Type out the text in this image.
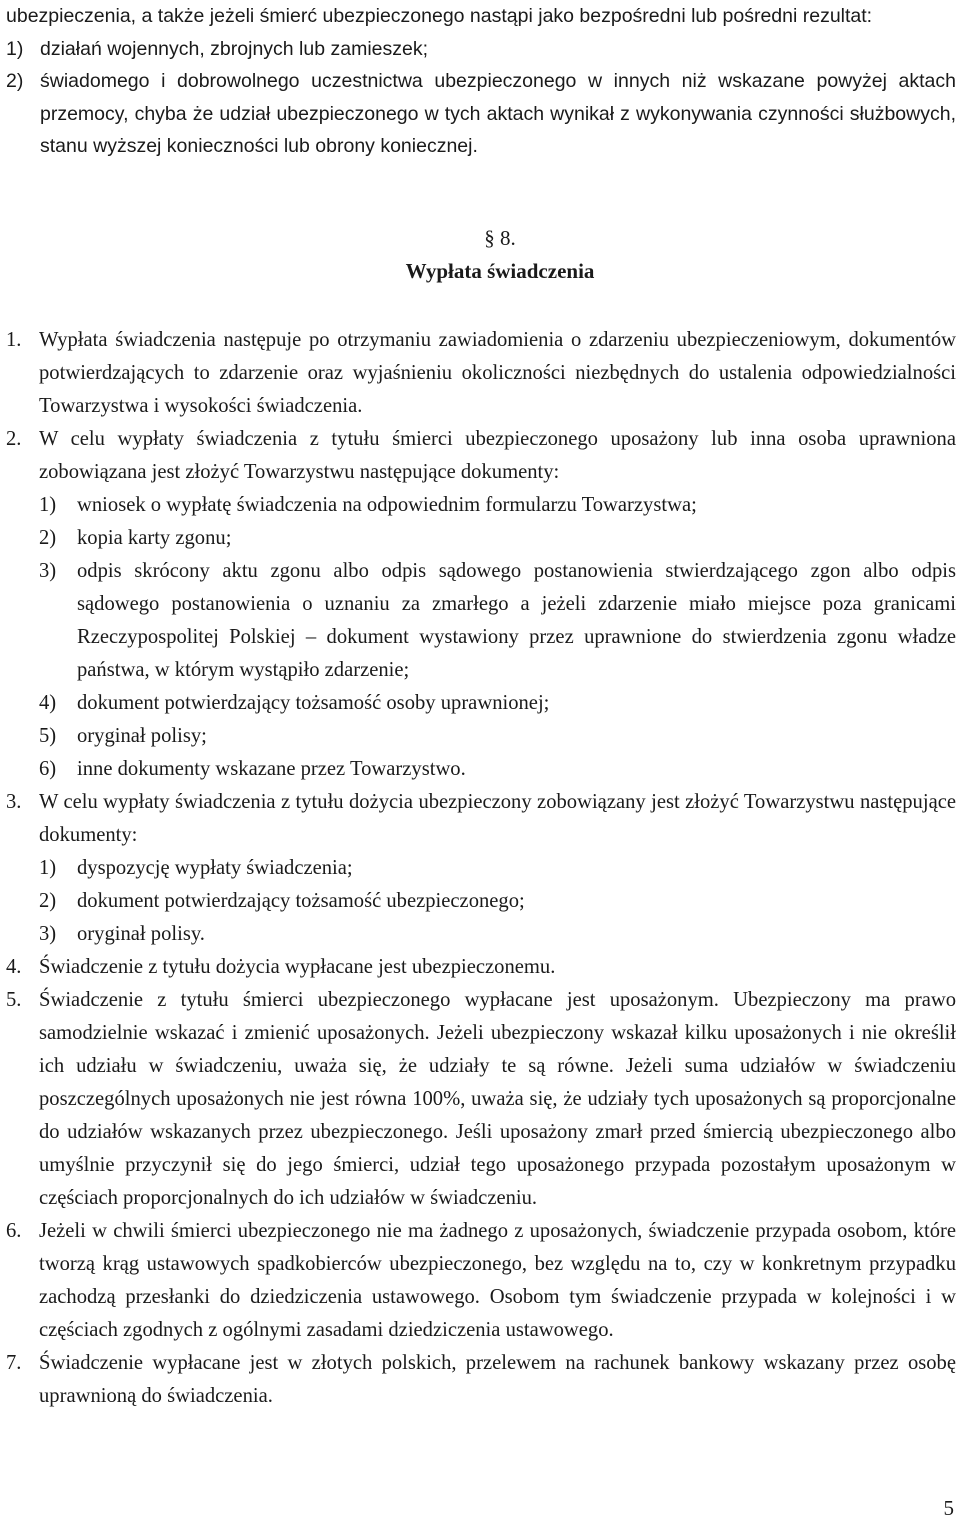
ubezpieczenia, a także jeżeli śmierć ubezpieczonego nastąpi jako bezpośredni lub pośredni rezultat:
1) działań wojennych, zbrojnych lub zamieszek;
2) świadomego i dobrowolnego uczestnictwa ubezpieczonego w innych niż wskazane powyżej aktach przemocy, chyba że udział ubezpieczonego w tych aktach wynikał z wykonywania czynności służbowych, stanu wyższej konieczności lub obrony koniecznej.
§ 8.
Wypłata świadczenia
1. Wypłata świadczenia następuje po otrzymaniu zawiadomienia o zdarzeniu ubezpieczeniowym, dokumentów potwierdzających to zdarzenie oraz wyjaśnieniu okoliczności niezbędnych do ustalenia odpowiedzialności Towarzystwa i wysokości świadczenia.
2. W celu wypłaty świadczenia z tytułu śmierci ubezpieczonego uposażony lub inna osoba uprawniona zobowiązana jest złożyć Towarzystwu następujące dokumenty:
1)	wniosek o wypłatę świadczenia na odpowiednim formularzu Towarzystwa;
2)	kopia karty zgonu;
3)	odpis skrócony aktu zgonu albo odpis sądowego postanowienia stwierdzającego zgon albo odpis sądowego postanowienia o uznaniu za zmarłego a jeżeli zdarzenie miało miejsce poza granicami Rzeczypospolitej Polskiej – dokument wystawiony przez uprawnione do stwierdzenia zgonu władze państwa, w którym wystąpiło zdarzenie;
4)	dokument potwierdzający tożsamość osoby uprawnionej;
5)	oryginał polisy;
6)	inne dokumenty wskazane przez Towarzystwo.
3. W celu wypłaty świadczenia z tytułu dożycia ubezpieczony zobowiązany jest złożyć Towarzystwu następujące dokumenty:
1)	dyspozycję wypłaty świadczenia;
2)	dokument potwierdzający tożsamość ubezpieczonego;
3)	oryginał polisy.
4. Świadczenie z tytułu dożycia wypłacane jest ubezpieczonemu.
5. Świadczenie z tytułu śmierci ubezpieczonego wypłacane jest uposażonym. Ubezpieczony ma prawo samodzielnie wskazać i zmienić uposażonych. Jeżeli ubezpieczony wskazał kilku uposażonych i nie określił ich udziału w świadczeniu, uważa się, że udziały te są równe. Jeżeli suma udziałów w świadczeniu poszczególnych uposażonych nie jest równa 100%, uważa się, że udziały tych uposażonych są proporcjonalne do udziałów wskazanych przez ubezpieczonego. Jeśli uposażony zmarł przed śmiercią ubezpieczonego albo umyślnie przyczynił się do jego śmierci, udział tego uposażonego przypada pozostałym uposażonym w częściach proporcjonalnych do ich udziałów w świadczeniu.
6. Jeżeli w chwili śmierci ubezpieczonego nie ma żadnego z uposażonych, świadczenie przypada osobom, które tworzą krąg ustawowych spadkobierców ubezpieczonego, bez względu na to, czy w konkretnym przypadku zachodzą przesłanki do dziedziczenia ustawowego. Osobom tym świadczenie przypada w kolejności i w częściach zgodnych z ogólnymi zasadami dziedziczenia ustawowego.
7. Świadczenie wypłacane jest w złotych polskich, przelewem na rachunek bankowy wskazany przez osobę uprawnioną do świadczenia.
5
